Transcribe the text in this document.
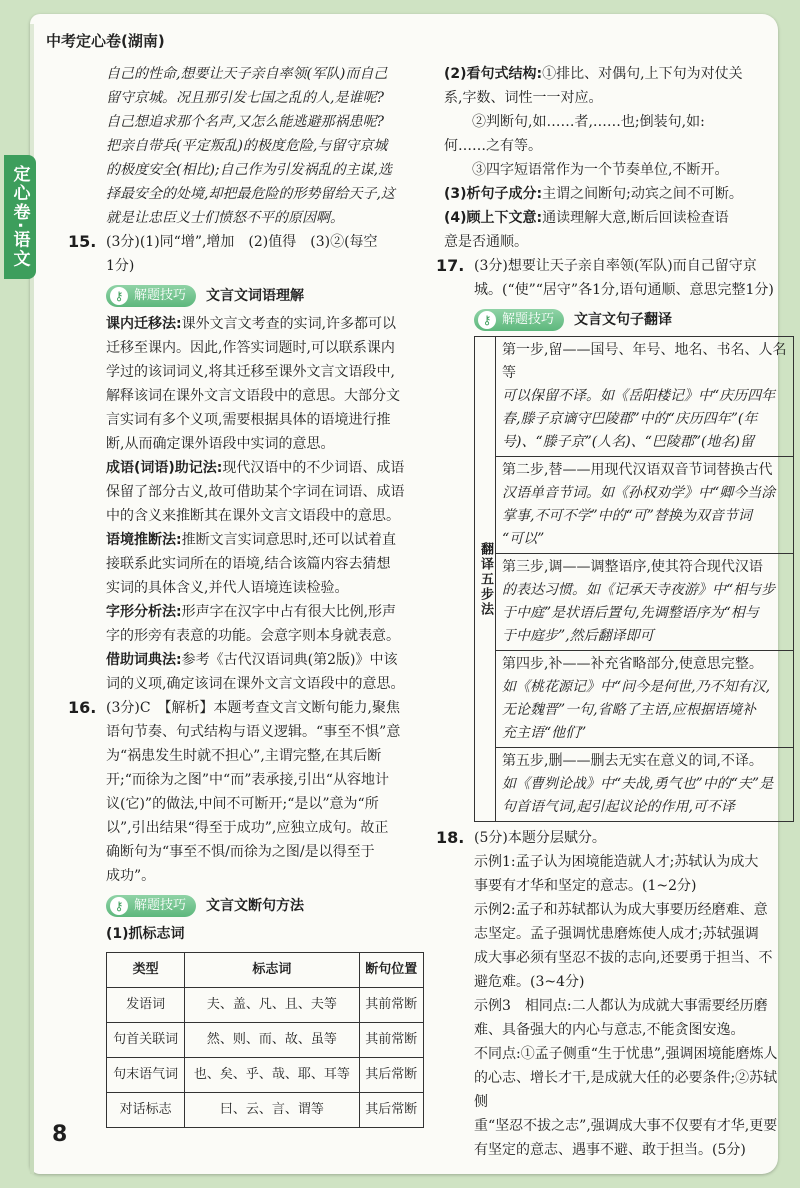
中考定心卷(湖南)
定心卷·语文
8

自己的性命,想要让天子亲自率领(军队)而自己

留守京城。况且那引发七国之乱的人,是谁呢?

自己想追求那个名声,又怎么能逃避那祸患呢?

把亲自带兵(平定叛乱)的极度危险,与留守京城

的极度安全(相比);自己作为引发祸乱的主谋,选

择最安全的处境,却把最危险的形势留给天子,这

就是让忠臣义士们愤怒不平的原因啊。

15. (3分)(1)同“增”,增加　(2)值得　(3)②(每空

1分)

⚷ 解题技巧 文言文词语理解

课内迁移法:课外文言文考查的实词,许多都可以

迁移至课内。因此,作答实词题时,可以联系课内

学过的该词词义,将其迁移至课外文言文语段中,

解释该词在课外文言文语段中的意思。大部分文

言实词有多个义项,需要根据具体的语境进行推

断,从而确定课外语段中实词的意思。

成语(词语)助记法:现代汉语中的不少词语、成语

保留了部分古义,故可借助某个字词在词语、成语

中的含义来推断其在课外文言文语段中的意思。

语境推断法:推断文言实词意思时,还可以试着直

接联系此实词所在的语境,结合该篇内容去猜想

实词的具体含义,并代人语境连读检验。

字形分析法:形声字在汉字中占有很大比例,形声

字的形旁有表意的功能。会意字则本身就表意。

借助词典法:参考《古代汉语词典(第2版)》中该

词的义项,确定该词在课外文言文语段中的意思。

16. (3分)C　【解析】本题考查文言文断句能力,聚焦

语句节奏、句式结构与语义逻辑。“事至不惧”意

为“祸患发生时就不担心”,主谓完整,在其后断

开;“而徐为之图”中“而”表承接,引出“从容地计

议(它)”的做法,中间不可断开;“是以”意为“所

以”,引出结果“得至于成功”,应独立成句。故正

确断句为“事至不惧/而徐为之图/是以得至于

成功”。

⚷ 解题技巧 文言文断句方法
(1)抓标志词
类型	标志词	断句位置
发语词	夫、盖、凡、且、夫等	其前常断
句首关联词	然、则、而、故、虽等	其前常断
句末语气词	也、矣、乎、哉、耶、耳等	其后常断
对话标志	曰、云、言、谓等	其后常断

(2)看句式结构:①排比、对偶句,上下句为对仗关

系,字数、词性一一对应。

　　②判断句,如……者,……也;倒装句,如:

何……之有等。

　　③四字短语常作为一个节奏单位,不断开。

(3)析句子成分:主谓之间断句;动宾之间不可断。

(4)顾上下文意:通读理解大意,断后回读检查语

意是否通顺。

17. (3分)想要让天子亲自率领(军队)而自己留守京

城。(“使”“居守”各1分,语句通顺、意思完整1分)

⚷ 解题技巧 文言文句子翻译
翻译五步法

第一步,留——国号、年号、地名、书名、人名等

可以保留不译。如《岳阳楼记》中“庆历四年

春,滕子京谪守巴陵郡”中的“庆历四年”(年

号)、“滕子京”(人名)、“巴陵郡”(地名)留

第二步,替——用现代汉语双音节词替换古代

汉语单音节词。如《孙权劝学》中“卿今当涂

掌事,不可不学”中的“可”替换为双音节词

“可以”

第三步,调——调整语序,使其符合现代汉语

的表达习惯。如《记承天寺夜游》中“相与步

于中庭”是状语后置句,先调整语序为“相与

于中庭步”,然后翻译即可

第四步,补——补充省略部分,使意思完整。

如《桃花源记》中“问今是何世,乃不知有汉,

无论魏晋”一句,省略了主语,应根据语境补

充主语“他们”

第五步,删——删去无实在意义的词,不译。

如《曹刿论战》中“夫战,勇气也”中的“夫”是

句首语气词,起引起议论的作用,可不译

18. (5分)本题分层赋分。

示例1:孟子认为困境能造就人才;苏轼认为成大

事要有才华和坚定的意志。(1~2分)

示例2:孟子和苏轼都认为成大事要历经磨难、意

志坚定。孟子强调忧患磨炼使人成才;苏轼强调

成大事必须有坚忍不拔的志向,还要勇于担当、不

避危难。(3~4分)

示例3　相同点:二人都认为成就大事需要经历磨

难、具备强大的内心与意志,不能贪图安逸。

不同点:①孟子侧重“生于忧患”,强调困境能磨炼人

的心志、增长才干,是成就大任的必要条件;②苏轼侧

重“坚忍不拔之志”,强调成大事不仅要有才华,更要

有坚定的意志、遇事不避、敢于担当。(5分)
